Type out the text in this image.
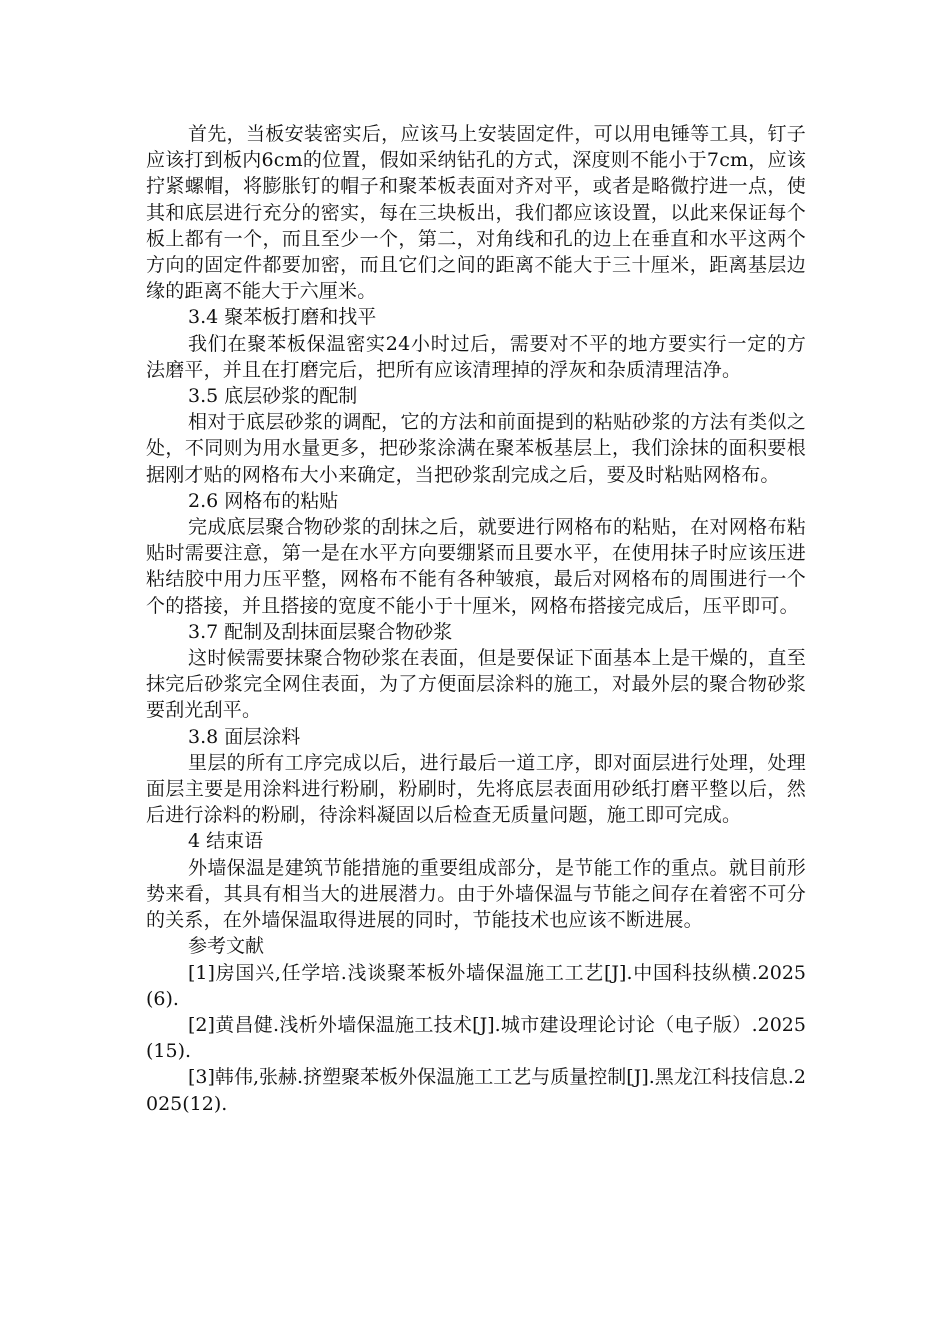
首先，当板安装密实后，应该马上安装固定件，可以用电锤等工具，钉子应该打到板内6cm的位置，假如采纳钻孔的方式，深度则不能小于7cm，应该拧紧螺帽，将膨胀钉的帽子和聚苯板表面对齐对平，或者是略微拧进一点，使其和底层进行充分的密实，每在三块板出，我们都应该设置，以此来保证每个板上都有一个，而且至少一个，第二，对角线和孔的边上在垂直和水平这两个方向的固定件都要加密，而且它们之间的距离不能大于三十厘米，距离基层边缘的距离不能大于六厘米。

3.4 聚苯板打磨和找平

我们在聚苯板保温密实24小时过后，需要对不平的地方要实行一定的方法磨平，并且在打磨完后，把所有应该清理掉的浮灰和杂质清理洁净。

3.5 底层砂浆的配制

相对于底层砂浆的调配，它的方法和前面提到的粘贴砂浆的方法有类似之处，不同则为用水量更多，把砂浆涂满在聚苯板基层上，我们涂抹的面积要根据刚才贴的网格布大小来确定，当把砂浆刮完成之后，要及时粘贴网格布。

2.6 网格布的粘贴

完成底层聚合物砂浆的刮抹之后，就要进行网格布的粘贴，在对网格布粘贴时需要注意，第一是在水平方向要绷紧而且要水平，在使用抹子时应该压进粘结胶中用力压平整，网格布不能有各种皱痕，最后对网格布的周围进行一个个的搭接，并且搭接的宽度不能小于十厘米，网格布搭接完成后，压平即可。

3.7 配制及刮抹面层聚合物砂浆

这时候需要抹聚合物砂浆在表面，但是要保证下面基本上是干燥的，直至抹完后砂浆完全网住表面，为了方便面层涂料的施工，对最外层的聚合物砂浆要刮光刮平。

3.8 面层涂料

里层的所有工序完成以后，进行最后一道工序，即对面层进行处理，处理面层主要是用涂料进行粉刷，粉刷时，先将底层表面用砂纸打磨平整以后，然后进行涂料的粉刷，待涂料凝固以后检查无质量问题，施工即可完成。

4 结束语

外墙保温是建筑节能措施的重要组成部分，是节能工作的重点。就目前形势来看，其具有相当大的进展潜力。由于外墙保温与节能之间存在着密不可分的关系，在外墙保温取得进展的同时，节能技术也应该不断进展。

参考文献

[1]房国兴,任学培.浅谈聚苯板外墙保温施工工艺[J].中国科技纵横.2025(6).

[2]黄昌健.浅析外墙保温施工技术[J].城市建设理论讨论（电子版）.2025(15).

[3]韩伟,张赫.挤塑聚苯板外保温施工工艺与质量控制[J].黑龙江科技信息.2025(12).
